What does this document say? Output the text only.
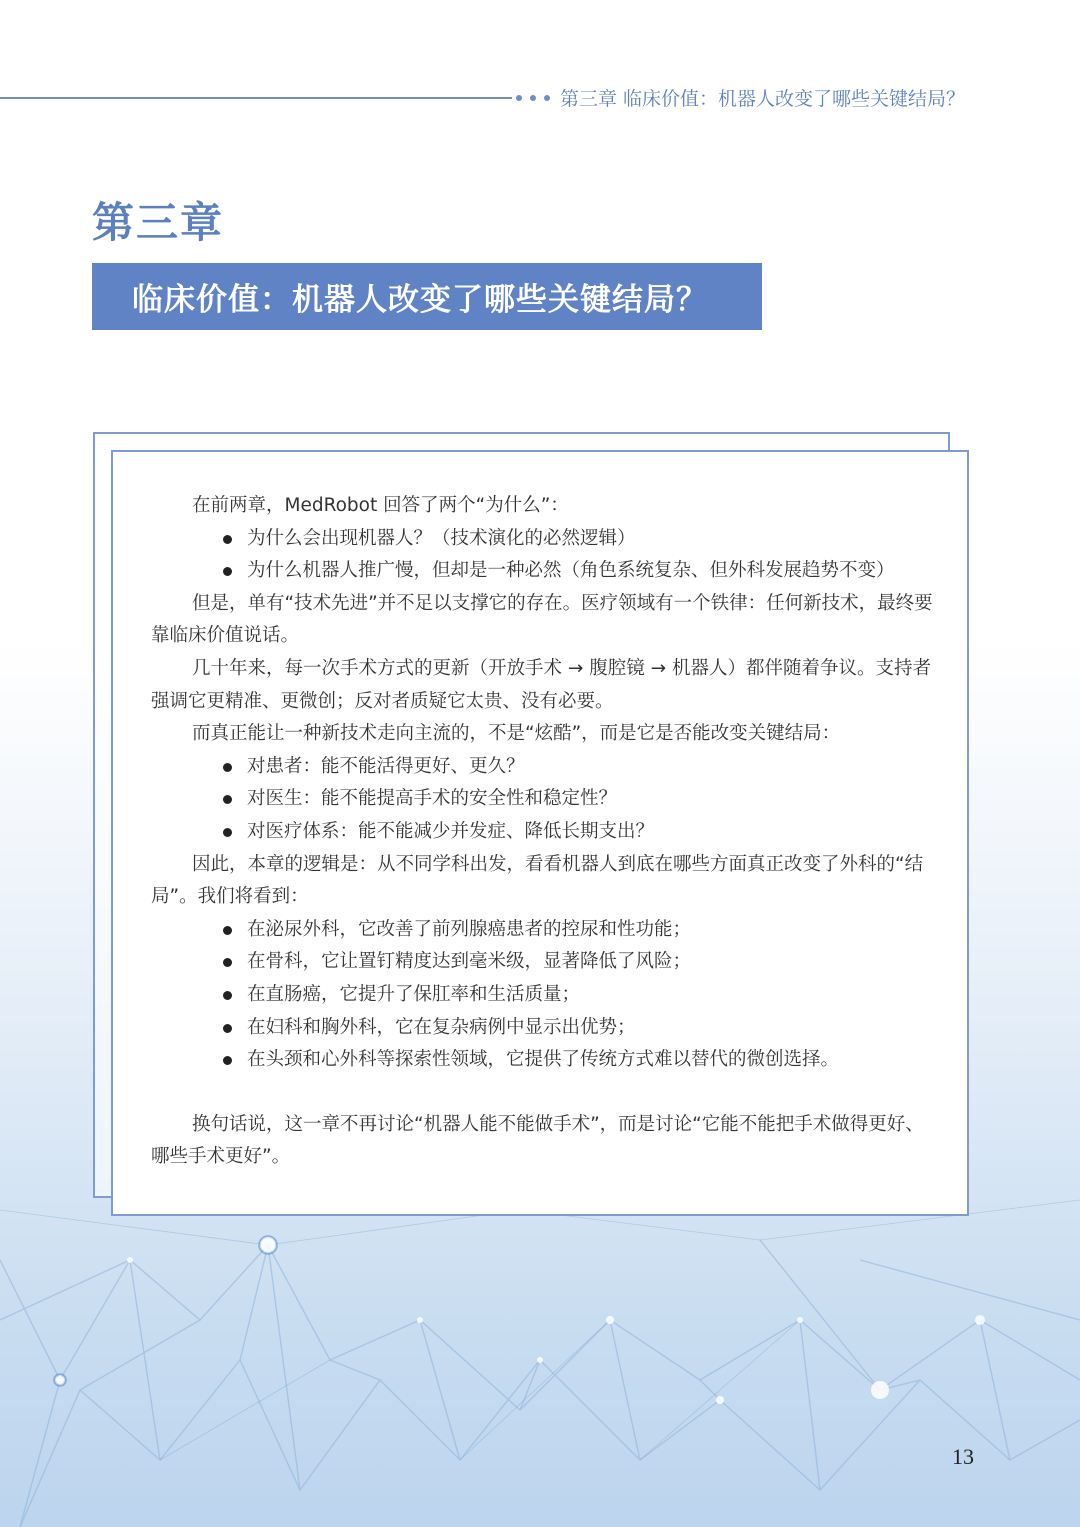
第三章 临床价值：机器人改变了哪些关键结局？
第三章
临床价值：机器人改变了哪些关键结局？

在前两章，MedRobot 回答了两个“为什么”：

为什么会出现机器人？（技术演化的必然逻辑）
为什么机器人推广慢，但却是一种必然（角色系统复杂、但外科发展趋势不变）

但是，单有“技术先进”并不足以支撑它的存在。医疗领域有一个铁律：任何新技术，最终要靠临床价值说话。

几十年来，每一次手术方式的更新（开放手术 → 腹腔镜 → 机器人）都伴随着争议。支持者强调它更精准、更微创；反对者质疑它太贵、没有必要。

而真正能让一种新技术走向主流的，不是“炫酷”，而是它是否能改变关键结局：

对患者：能不能活得更好、更久？
对医生：能不能提高手术的安全性和稳定性？
对医疗体系：能不能减少并发症、降低长期支出？

因此，本章的逻辑是：从不同学科出发，看看机器人到底在哪些方面真正改变了外科的“结局”。我们将看到：

在泌尿外科，它改善了前列腺癌患者的控尿和性功能；
在骨科，它让置钉精度达到毫米级，显著降低了风险；
在直肠癌，它提升了保肛率和生活质量；
在妇科和胸外科，它在复杂病例中显示出优势；
在头颈和心外科等探索性领域，它提供了传统方式难以替代的微创选择。

换句话说，这一章不再讨论“机器人能不能做手术”，而是讨论“它能不能把手术做得更好、哪些手术更好”。

13
